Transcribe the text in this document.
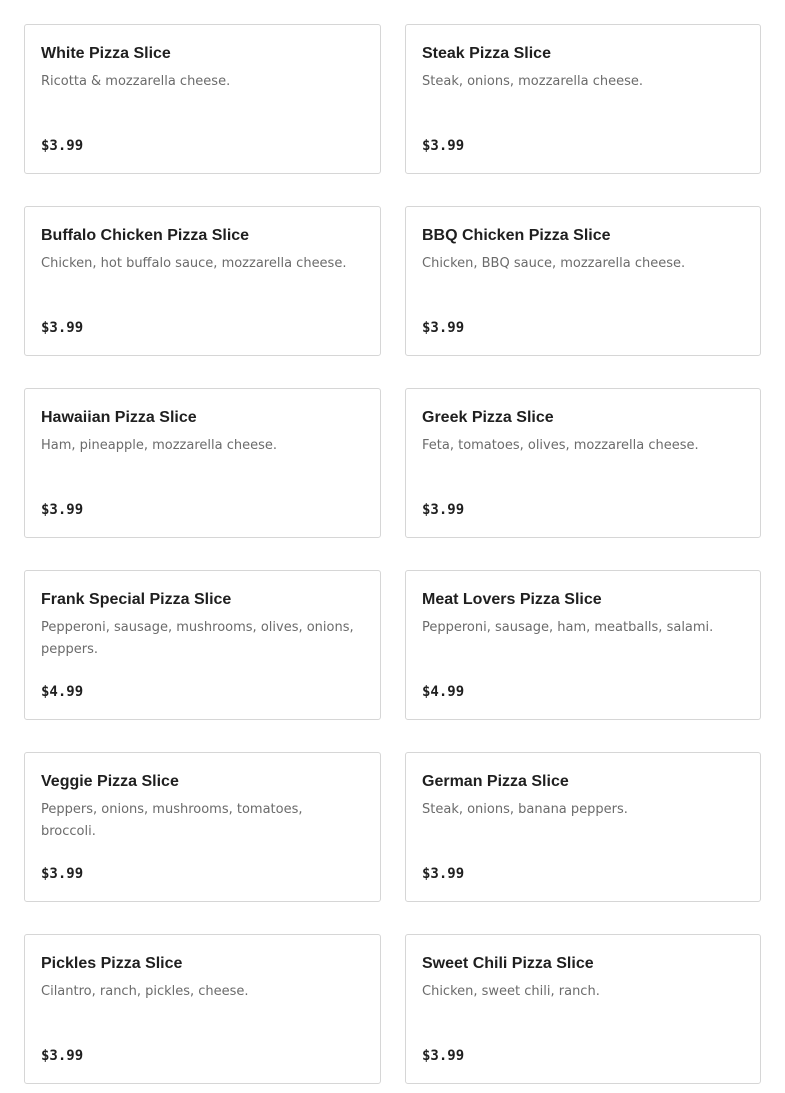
White Pizza Slice
Ricotta & mozzarella cheese.
$3.99
Steak Pizza Slice
Steak, onions, mozzarella cheese.
$3.99
Buffalo Chicken Pizza Slice
Chicken, hot buffalo sauce, mozzarella cheese.
$3.99
BBQ Chicken Pizza Slice
Chicken, BBQ sauce, mozzarella cheese.
$3.99
Hawaiian Pizza Slice
Ham, pineapple, mozzarella cheese.
$3.99
Greek Pizza Slice
Feta, tomatoes, olives, mozzarella cheese.
$3.99
Frank Special Pizza Slice
Pepperoni, sausage, mushrooms, olives, onions, peppers.
$4.99
Meat Lovers Pizza Slice
Pepperoni, sausage, ham, meatballs, salami.
$4.99
Veggie Pizza Slice
Peppers, onions, mushrooms, tomatoes, broccoli.
$3.99
German Pizza Slice
Steak, onions, banana peppers.
$3.99
Pickles Pizza Slice
Cilantro, ranch, pickles, cheese.
$3.99
Sweet Chili Pizza Slice
Chicken, sweet chili, ranch.
$3.99
